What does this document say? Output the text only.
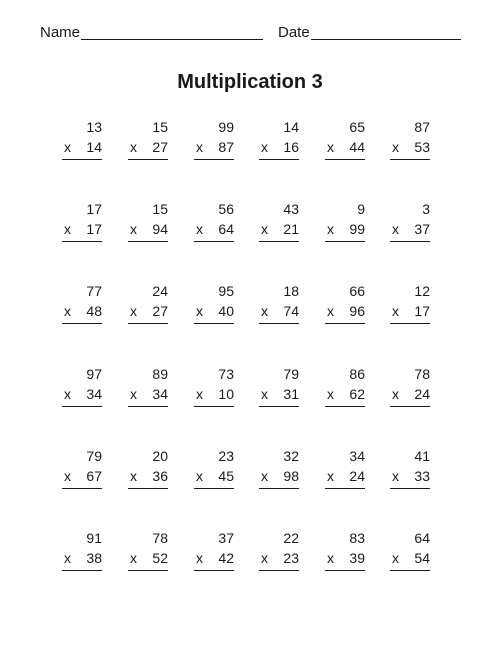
Name	Date
Multiplication 3
13
x 14
15
x 27
99
x 87
14
x 16
65
x 44
87
x 53
17
x 17
15
x 94
56
x 64
43
x 21
9
x 99
3
x 37
77
x 48
24
x 27
95
x 40
18
x 74
66
x 96
12
x 17
97
x 34
89
x 34
73
x 10
79
x 31
86
x 62
78
x 24
79
x 67
20
x 36
23
x 45
32
x 98
34
x 24
41
x 33
91
x 38
78
x 52
37
x 42
22
x 23
83
x 39
64
x 54
